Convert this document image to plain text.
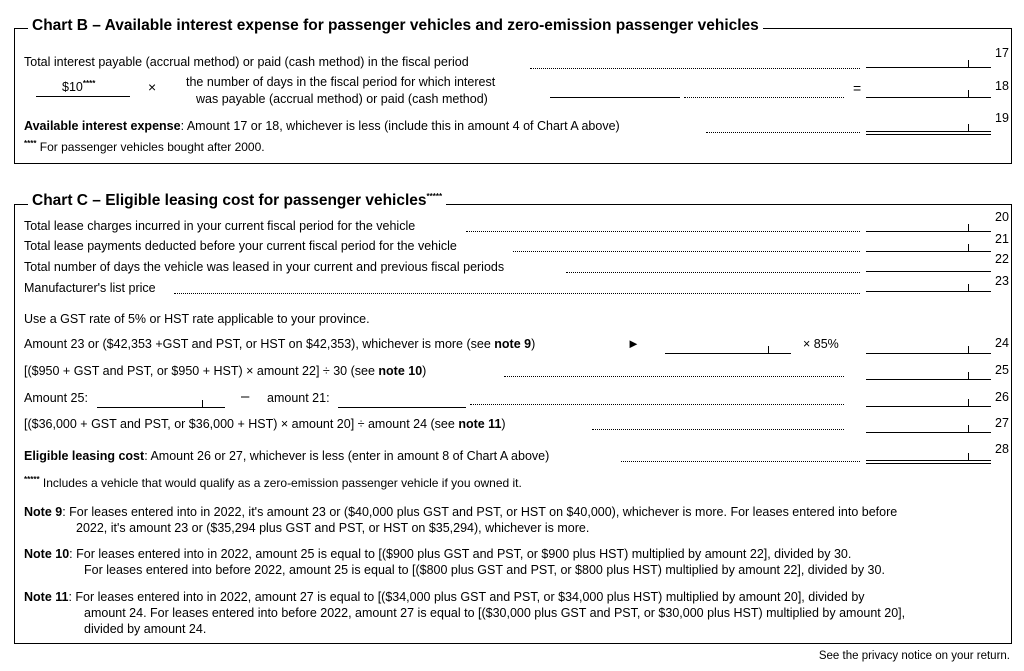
Chart B – Available interest expense for passenger vehicles and zero-emission passenger vehicles
Total interest payable (accrual method) or paid (cash method) in the fiscal period
17
$10****	× the number of days in the fiscal period for which interest
was payable (accrual method) or paid (cash method)
=	18
Available interest expense: Amount 17 or 18, whichever is less (include this in amount 4 of Chart A above)
19
**** For passenger vehicles bought after 2000.
Chart C – Eligible leasing cost for passenger vehicles*****
Total lease charges incurred in your current fiscal period for the vehicle
20
Total lease payments deducted before your current fiscal period for the vehicle	21
Total number of days the vehicle was leased in your current and previous fiscal periods
22
Manufacturer's list price	23
Use a GST rate of 5% or HST rate applicable to your province.
Amount 23 or ($42,353 +GST and PST, or HST on $42,353), whichever is more (see note 9)	►	× 85%	24
[($950 + GST and PST, or $950 + HST) × amount 22] ÷ 30 (see note 10)	25
Amount 25:	– amount 21:	26
[($36,000 + GST and PST, or $36,000 + HST) × amount 20] ÷ amount 24 (see note 11)	27
Eligible leasing cost: Amount 26 or 27, whichever is less (enter in amount 8 of Chart A above)	28
***** Includes a vehicle that would qualify as a zero-emission passenger vehicle if you owned it.
Note 9: For leases entered into in 2022, it's amount 23 or ($40,000 plus GST and PST, or HST on $40,000), whichever is more. For leases entered into before
2022, it's amount 23 or ($35,294 plus GST and PST, or HST on $35,294), whichever is more.
Note 10: For leases entered into in 2022, amount 25 is equal to [($900 plus GST and PST, or $900 plus HST) multiplied by amount 22], divided by 30.
For leases entered into before 2022, amount 25 is equal to [($800 plus GST and PST, or $800 plus HST) multiplied by amount 22], divided by 30.
Note 11: For leases entered into in 2022, amount 27 is equal to [($34,000 plus GST and PST, or $34,000 plus HST) multiplied by amount 20], divided by
amount 24. For leases entered into before 2022, amount 27 is equal to [($30,000 plus GST and PST, or $30,000 plus HST) multiplied by amount 20],
divided by amount 24.
See the privacy notice on your return.
